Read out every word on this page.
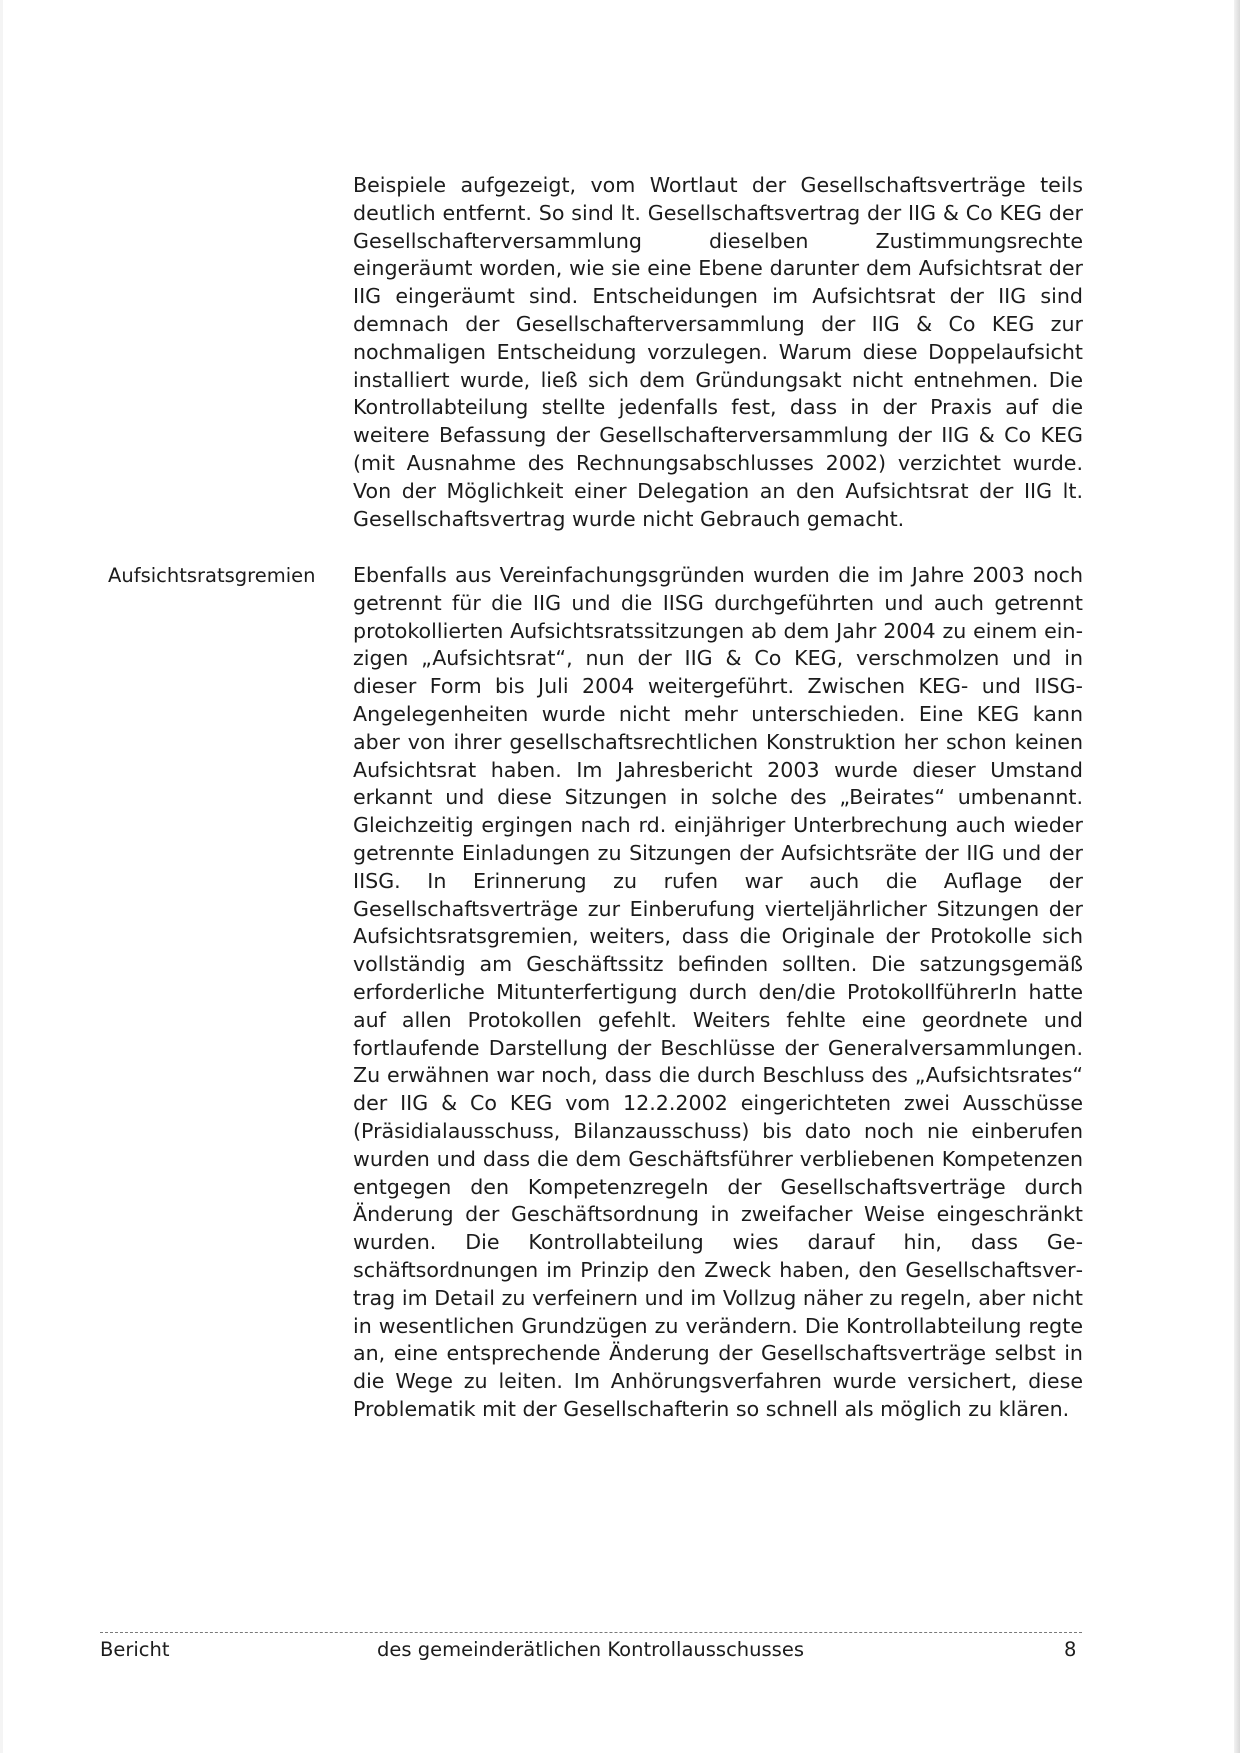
Beispiele aufgezeigt, vom Wortlaut der Gesellschaftsverträge teils deutlich entfernt. So sind lt. Gesellschaftsvertrag der IIG & Co KEG der Gesellschafterversammlung dieselben Zustimmungsrechte eingeräumt worden, wie sie eine Ebene darunter dem Aufsichtsrat der IIG eingeräumt sind. Entscheidungen im Aufsichtsrat der IIG sind demnach der Gesellschafterversammlung der IIG & Co KEG zur nochmaligen Entscheidung vorzulegen. Warum diese Doppelaufsicht installiert wurde, ließ sich dem Gründungsakt nicht entnehmen. Die Kontrollabteilung stellte jedenfalls fest, dass in der Praxis auf die weitere Befassung der Gesellschafterversammlung der IIG & Co KEG (mit Ausnahme des Rechnungsabschlusses 2002) verzichtet wurde. Von der Möglichkeit einer Delegation an den Aufsichtsrat der IIG lt. Gesellschaftsvertrag wurde nicht Gebrauch gemacht.
Aufsichtsratsgremien Ebenfalls aus Vereinfachungsgründen wurden die im Jahre 2003 noch getrennt für die IIG und die IISG durchgeführten und auch getrennt protokollierten Aufsichtsratssitzungen ab dem Jahr 2004 zu einem einzigen „Aufsichtsrat“, nun der IIG & Co KEG, verschmolzen und in dieser Form bis Juli 2004 weitergeführt. Zwischen KEG- und IISG-Angelegenheiten wurde nicht mehr unterschieden. Eine KEG kann aber von ihrer gesellschaftsrechtlichen Konstruktion her schon keinen Aufsichtsrat haben. Im Jahresbericht 2003 wurde dieser Umstand erkannt und diese Sitzungen in solche des „Beirates“ umbenannt. Gleichzeitig ergingen nach rd. einjähriger Unterbrechung auch wieder getrennte Einladungen zu Sitzungen der Aufsichtsräte der IIG und der IISG. In Erinnerung zu rufen war auch die Auflage der Gesellschaftsverträge zur Einberufung vierteljährlicher Sitzungen der Aufsichtsratsgremien, weiters, dass die Originale der Protokolle sich vollständig am Geschäftssitz befinden sollten. Die satzungsgemäß erforderliche Mitunterfertigung durch den/die ProtokollführerIn hatte auf allen Protokollen gefehlt. Weiters fehlte eine geordnete und fortlaufende Darstellung der Beschlüsse der Generalversammlungen. Zu erwähnen war noch, dass die durch Beschluss des „Aufsichtsrates“ der IIG & Co KEG vom 12.2.2002 eingerichteten zwei Ausschüsse (Präsidialausschuss, Bilanzausschuss) bis dato noch nie einberufen wurden und dass die dem Geschäftsführer verbliebenen Kompetenzen entgegen den Kompetenzregeln der Gesellschaftsverträge durch Änderung der Geschäftsordnung in zweifacher Weise eingeschränkt wurden. Die Kontrollabteilung wies darauf hin, dass Geschäftsordnungen im Prinzip den Zweck haben, den Gesellschaftsvertrag im Detail zu verfeinern und im Vollzug näher zu regeln, aber nicht in wesentlichen Grundzügen zu verändern. Die Kontrollabteilung regte an, eine entsprechende Änderung der Gesellschaftsverträge selbst in die Wege zu leiten. Im Anhörungsverfahren wurde versichert, diese Problematik mit der Gesellschafterin so schnell als möglich zu klären.
Bericht	des gemeinderätlichen Kontrollausschusses	8
